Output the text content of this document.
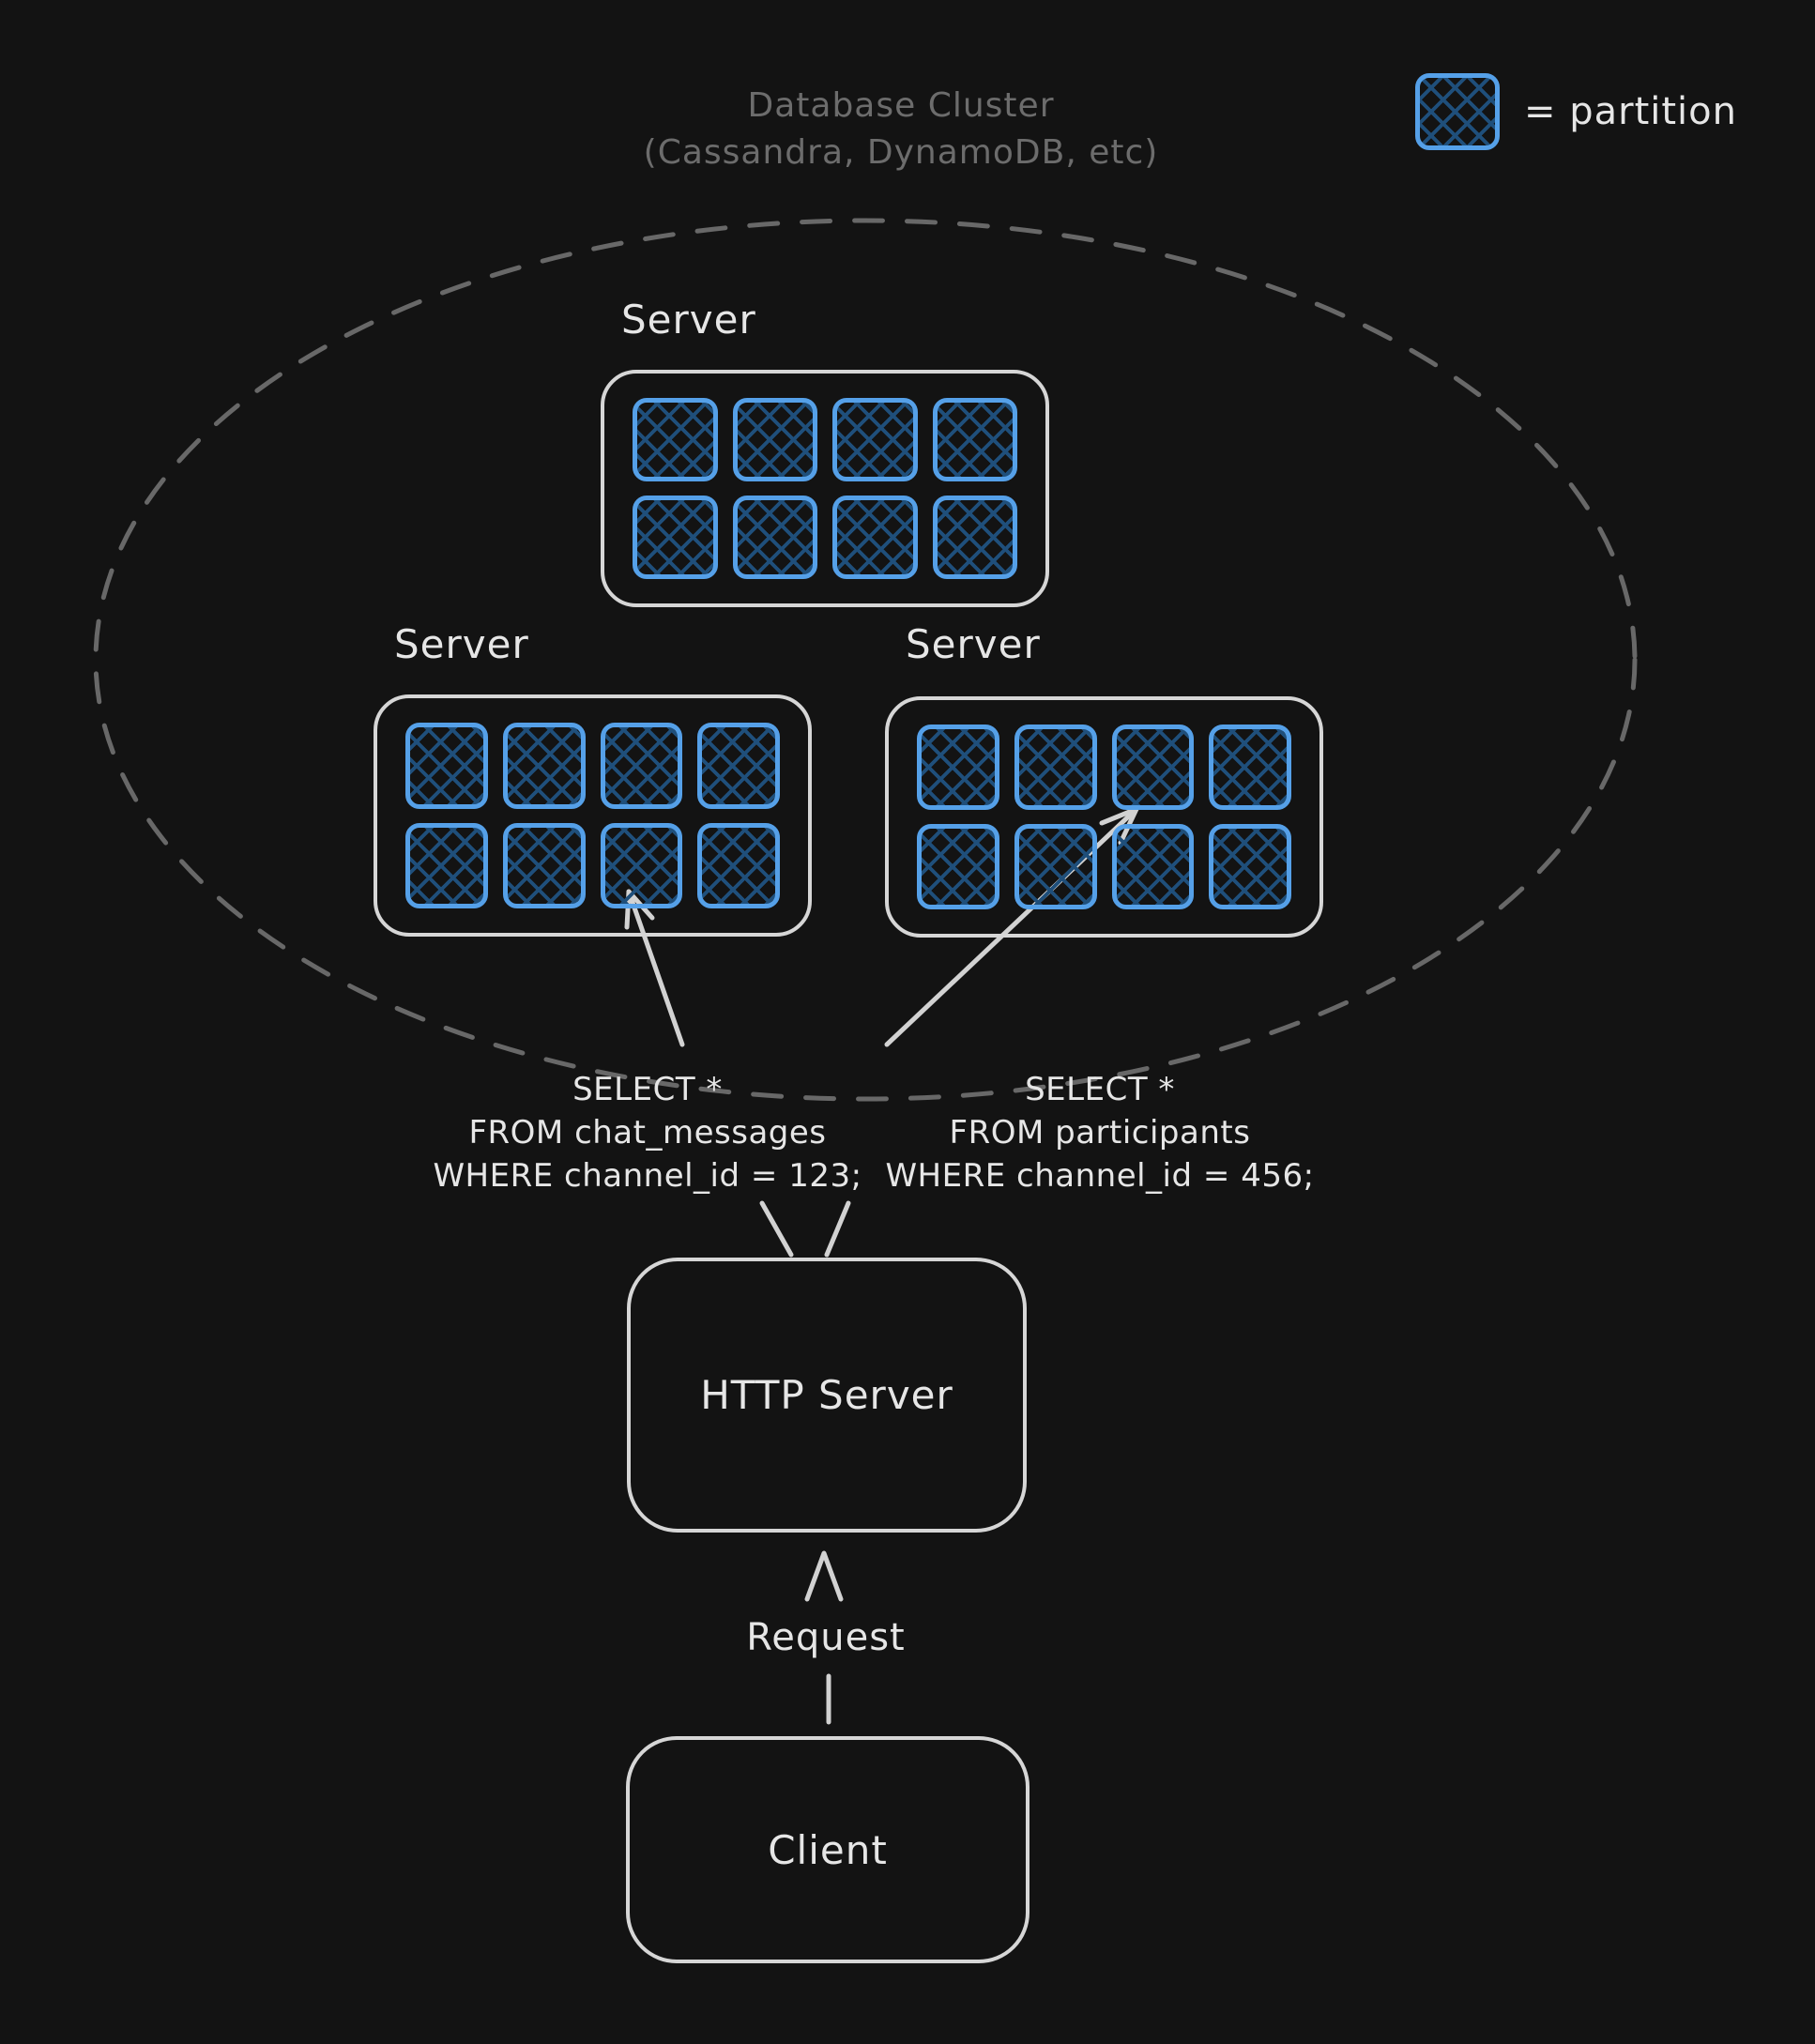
Database Cluster
(Cassandra, DynamoDB, etc)
= partition
Server
Server	Server
SELECT *
FROM chat_messages
WHERE channel_id = 123;
SELECT *
FROM participants
WHERE channel_id = 456;
HTTP Server
Request
Client
